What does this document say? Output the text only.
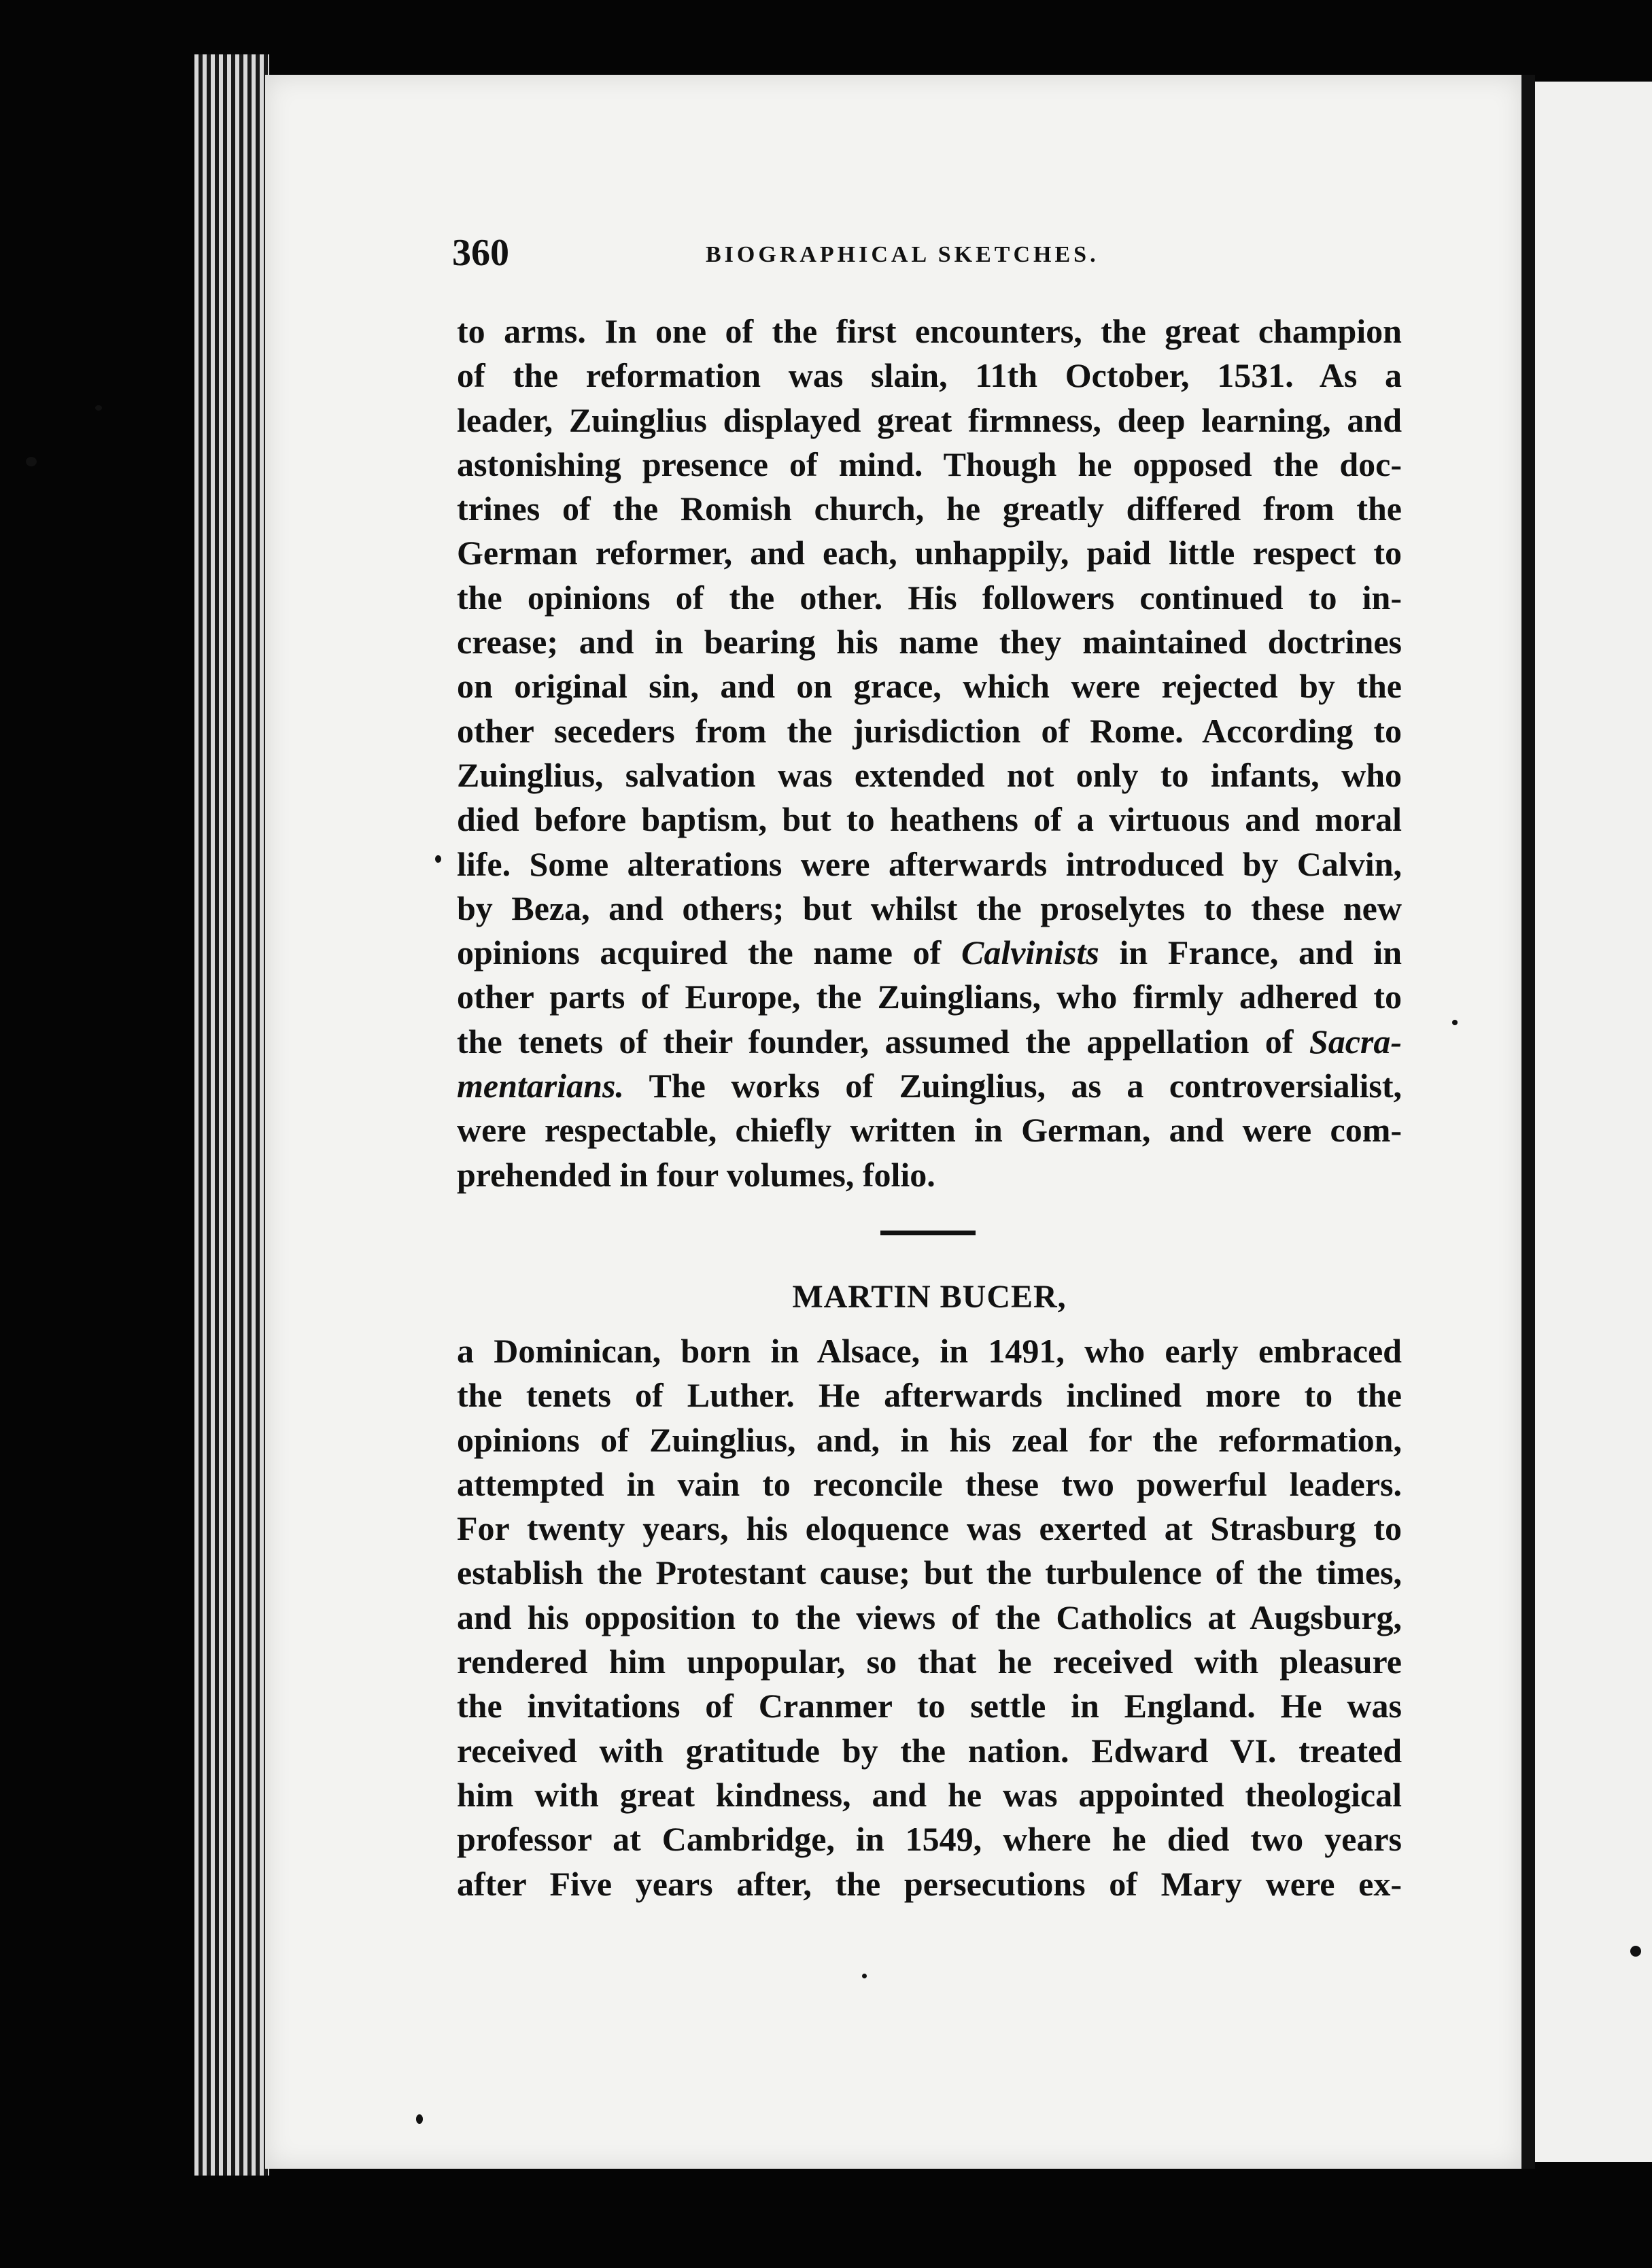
360	BIOGRAPHICAL SKETCHES.
to arms. In one of the first encounters, the great champion
of the reformation was slain, 11th October, 1531. As a
leader, Zuinglius displayed great firmness, deep learning, and
astonishing presence of mind. Though he opposed the doc-
trines of the Romish church, he greatly differed from the
German reformer, and each, unhappily, paid little respect to
the opinions of the other. His followers continued to in-
crease; and in bearing his name they maintained doctrines
on original sin, and on grace, which were rejected by the
other seceders from the jurisdiction of Rome. According to
Zuinglius, salvation was extended not only to infants, who
died before baptism, but to heathens of a virtuous and moral
life. Some alterations were afterwards introduced by Calvin,
by Beza, and others; but whilst the proselytes to these new
opinions acquired the name of Calvinists in France, and in
other parts of Europe, the Zuinglians, who firmly adhered to
the tenets of their founder, assumed the appellation of Sacra-
mentarians. The works of Zuinglius, as a controversialist,
were respectable, chiefly written in German, and were com-
prehended in four volumes, folio.
MARTIN BUCER,
a Dominican, born in Alsace, in 1491, who early embraced
the tenets of Luther. He afterwards inclined more to the
opinions of Zuinglius, and, in his zeal for the reformation,
attempted in vain to reconcile these two powerful leaders.
For twenty years, his eloquence was exerted at Strasburg to
establish the Protestant cause; but the turbulence of the times,
and his opposition to the views of the Catholics at Augsburg,
rendered him unpopular, so that he received with pleasure
the invitations of Cranmer to settle in England. He was
received with gratitude by the nation. Edward VI. treated
him with great kindness, and he was appointed theological
professor at Cambridge, in 1549, where he died two years
after Five years after, the persecutions of Mary were ex-
